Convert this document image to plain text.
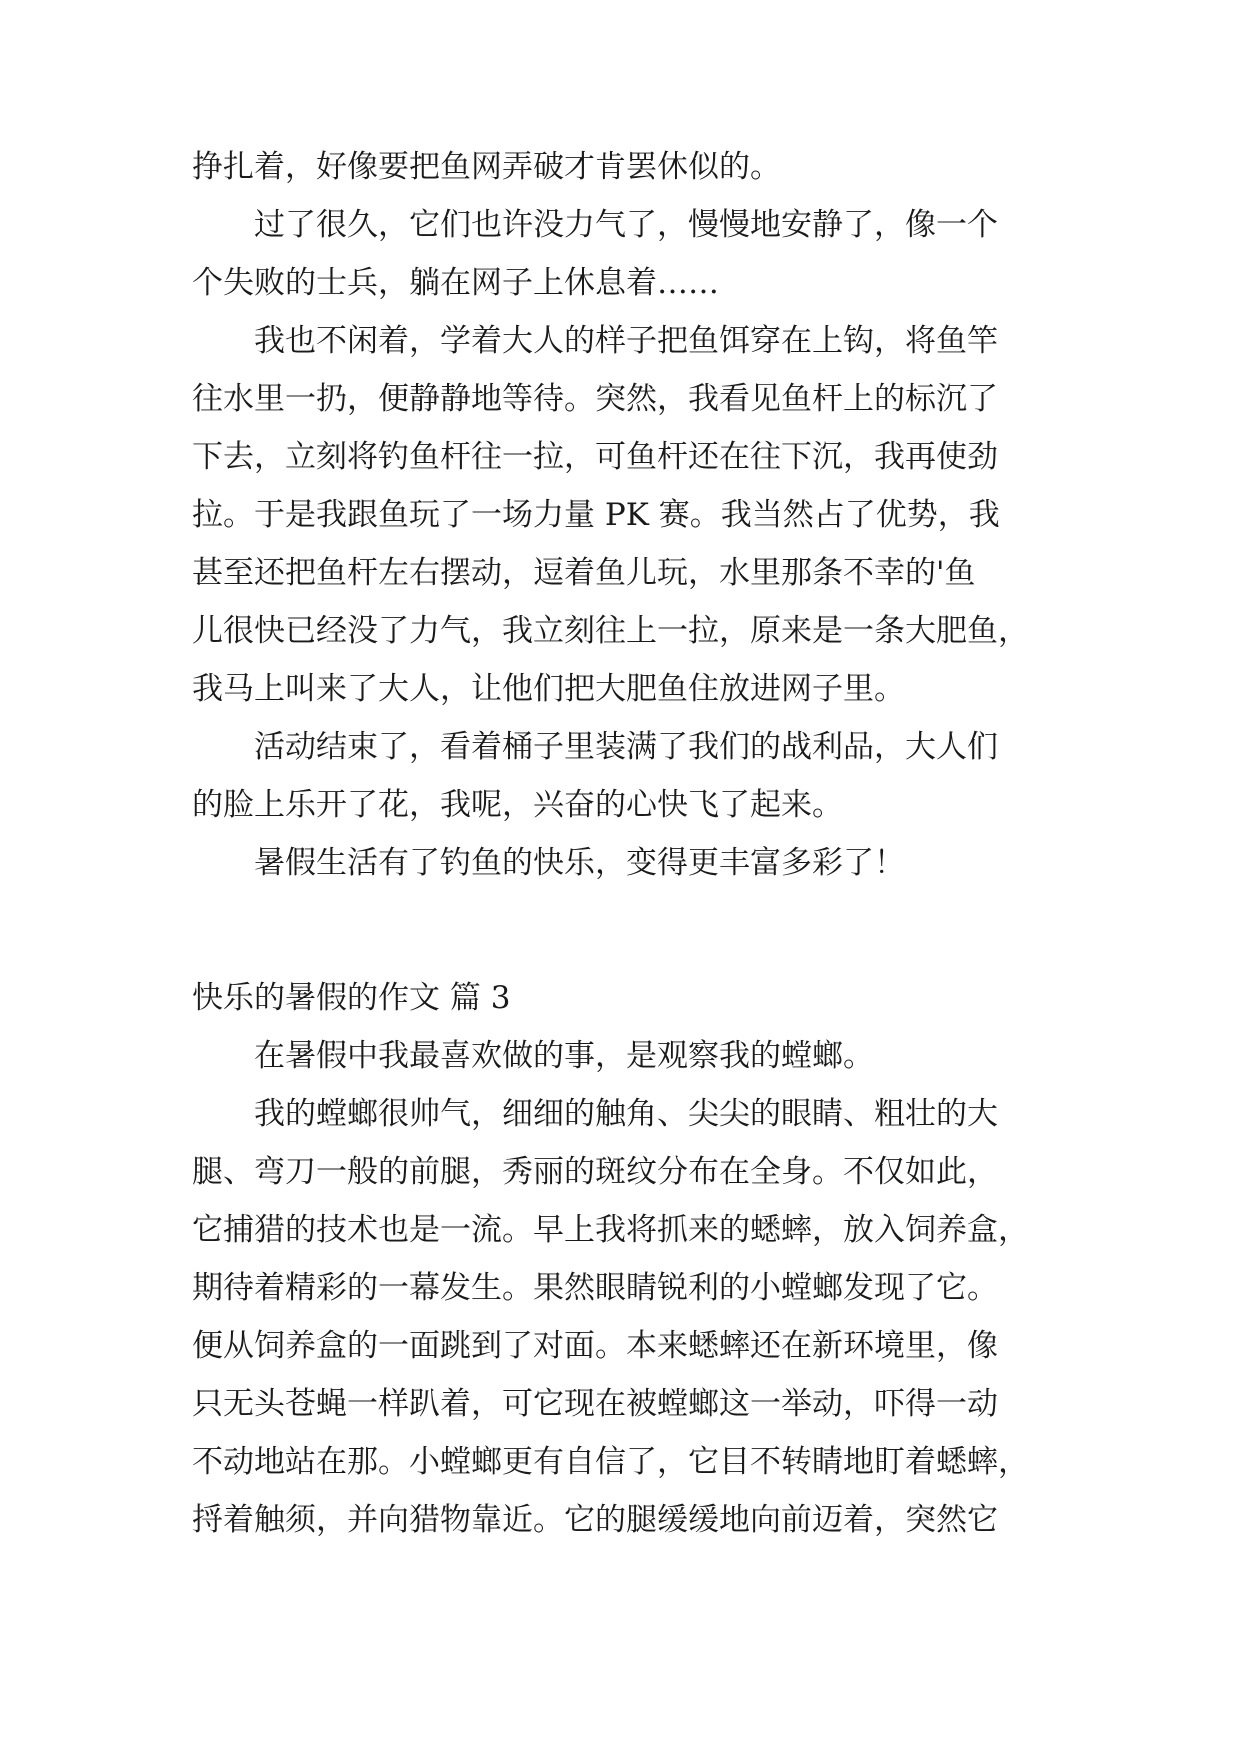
挣扎着，好像要把鱼网弄破才肯罢休似的。
过了很久，它们也许没力气了，慢慢地安静了，像一个
个失败的士兵，躺在网子上休息着……
我也不闲着，学着大人的样子把鱼饵穿在上钩，将鱼竿
往水里一扔，便静静地等待。突然，我看见鱼杆上的标沉了
下去，立刻将钓鱼杆往一拉，可鱼杆还在往下沉，我再使劲
拉。于是我跟鱼玩了一场力量 PK 赛。我当然占了优势，我
甚至还把鱼杆左右摆动，逗着鱼儿玩，水里那条不幸的'鱼
儿很快已经没了力气，我立刻往上一拉，原来是一条大肥鱼，
我马上叫来了大人，让他们把大肥鱼住放进网子里。
活动结束了，看着桶子里装满了我们的战利品，大人们
的脸上乐开了花，我呢，兴奋的心快飞了起来。
暑假生活有了钓鱼的快乐，变得更丰富多彩了！
快乐的暑假的作文 篇 3
在暑假中我最喜欢做的事，是观察我的螳螂。
我的螳螂很帅气，细细的触角、尖尖的眼睛、粗壮的大
腿、弯刀一般的前腿，秀丽的斑纹分布在全身。不仅如此，
它捕猎的技术也是一流。早上我将抓来的蟋蟀，放入饲养盒，
期待着精彩的一幕发生。果然眼睛锐利的小螳螂发现了它。
便从饲养盒的一面跳到了对面。本来蟋蟀还在新环境里，像
只无头苍蝇一样趴着，可它现在被螳螂这一举动，吓得一动
不动地站在那。小螳螂更有自信了，它目不转睛地盯着蟋蟀，
捋着触须，并向猎物靠近。它的腿缓缓地向前迈着，突然它
